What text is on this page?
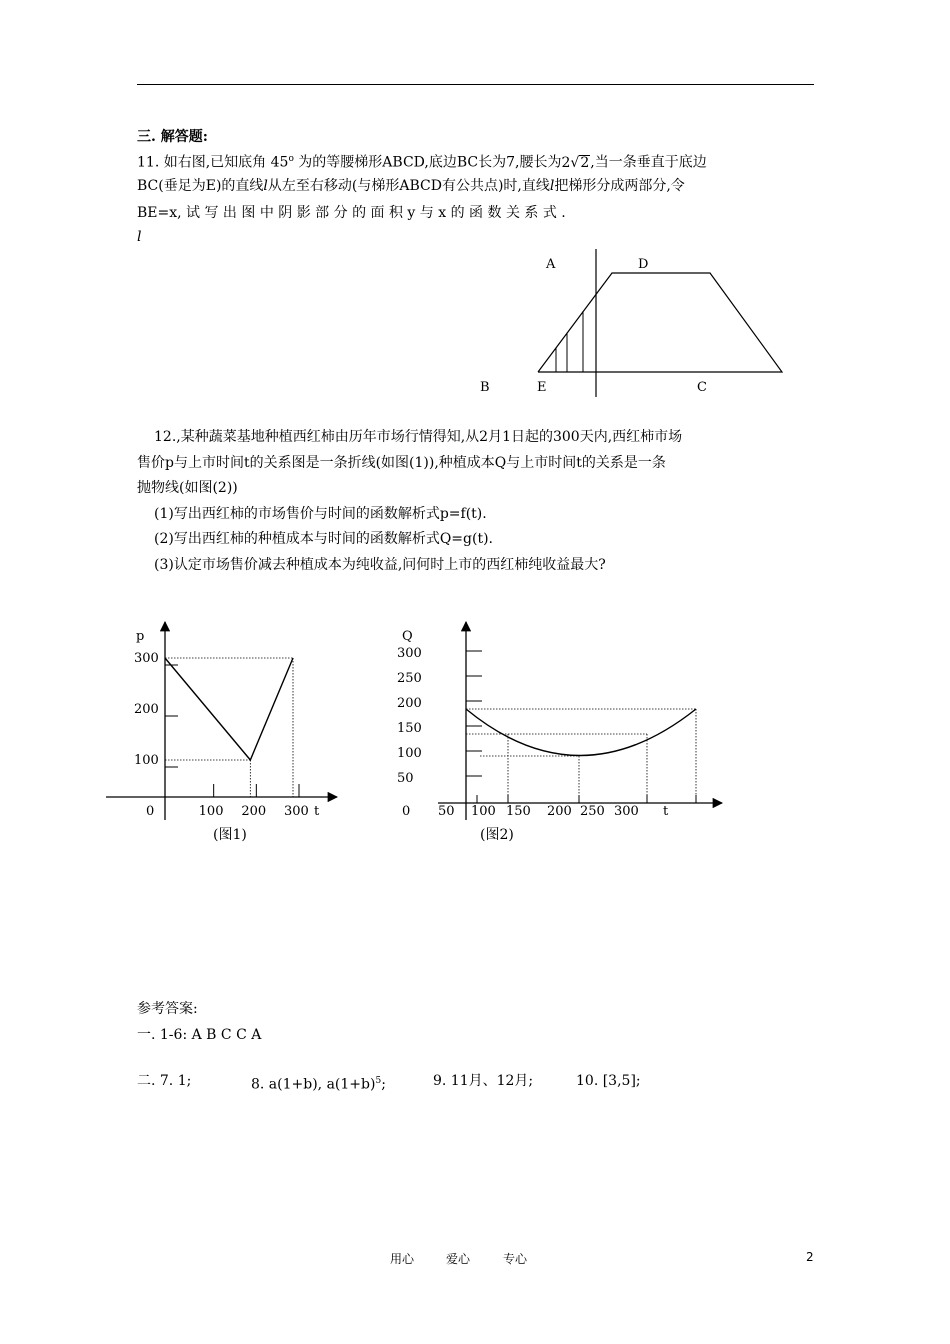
三. 解答题:
11. 如右图,已知底角 45$^o$ 为的等腰梯形ABCD,底边BC长为7,腰长为2√2,当一条垂直于底边
BC(垂足为E)的直线l从左至右移动(与梯形ABCD有公共点)时,直线l把梯形分成两部分,令
BE=x, 试 写 出 图 中 阴 影 部 分 的 面 积 y 与 x 的 函 数 关 系 式 .
l
A	D
B	E	C
12.,某种蔬菜基地种植西红柿由历年市场行情得知,从2月1日起的300天内,西红柿市场
售价p与上市时间t的关系图是一条折线(如图(1)),种植成本Q与上市时间t的关系是一条
抛物线(如图(2))
(1)写出西红柿的市场售价与时间的函数解析式p=f(t).
(2)写出西红柿的种植成本与时间的函数解析式Q=g(t).
(3)认定市场售价减去种植成本为纯收益,问何时上市的西红柿纯收益最大?
100 200 300
100
200
300
p
t
0
50
100
150
200
250
300
50 100 150 200 250 300
Q
t
0
(图1)	(图2)
参考答案:
一. 1-6: A B C C A
二. 7. 1;	8. a(1+b), $a(1+b)^5$;	9. 11月、12月;	10. [3,5];
用心	爱心	专心	2
